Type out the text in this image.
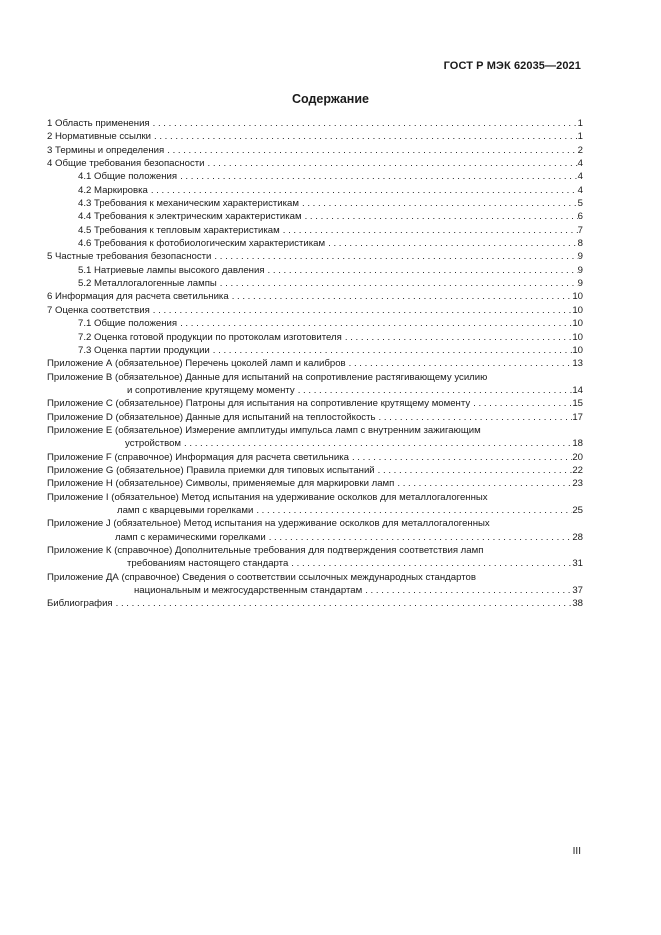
ГОСТ Р МЭК 62035—2021
Содержание
1 Область применения . . .	1
2 Нормативные ссылки . . .	1
3 Термины и определения . . .	2
4 Общие требования безопасности . . .	4
4.1 Общие положения . . .	4
4.2 Маркировка . . .	4
4.3 Требования к механическим характеристикам . . .	5
4.4 Требования к электрическим характеристикам . . .	6
4.5 Требования к тепловым характеристикам . . .	7
4.6 Требования к фотобиологическим характеристикам . . .	8
5 Частные требования безопасности . . .	9
5.1 Натриевые лампы высокого давления . . .	9
5.2 Металлогалогенные лампы . . .	9
6 Информация для расчета светильника . . .	10
7 Оценка соответствия . . .	10
7.1 Общие положения . . .	10
7.2 Оценка готовой продукции по протоколам изготовителя . . .	10
7.3 Оценка партии продукции . . .	10
Приложение А (обязательное) Перечень цоколей ламп и калибров . . .	13
Приложение В (обязательное) Данные для испытаний на сопротивление растягивающему усилию
и сопротивление крутящему моменту . . .	14
Приложение С (обязательное) Патроны для испытания на сопротивление крутящему моменту . . .	15
Приложение D (обязательное) Данные для испытаний на теплостойкость . . .	17
Приложение Е (обязательное) Измерение амплитуды импульса ламп с внутренним зажигающим
устройством . . .	18
Приложение F (справочное) Информация для расчета светильника . . .	20
Приложение G (обязательное) Правила приемки для типовых испытаний . . .	22
Приложение Н (обязательное) Символы, применяемые для маркировки ламп . . .	23
Приложение I (обязательное) Метод испытания на удерживание осколков для металлогалогенных
ламп с кварцевыми горелками . . .	25
Приложение J (обязательное) Метод испытания на удерживание осколков для металлогалогенных
ламп с керамическими горелками . . .	28
Приложение К (справочное) Дополнительные требования для подтверждения соответствия ламп
требованиям настоящего стандарта . . .	31
Приложение ДА (справочное) Сведения о соответствии ссылочных международных стандартов
национальным и межгосударственным стандартам . . .	37
Библиография . . .	38
III
